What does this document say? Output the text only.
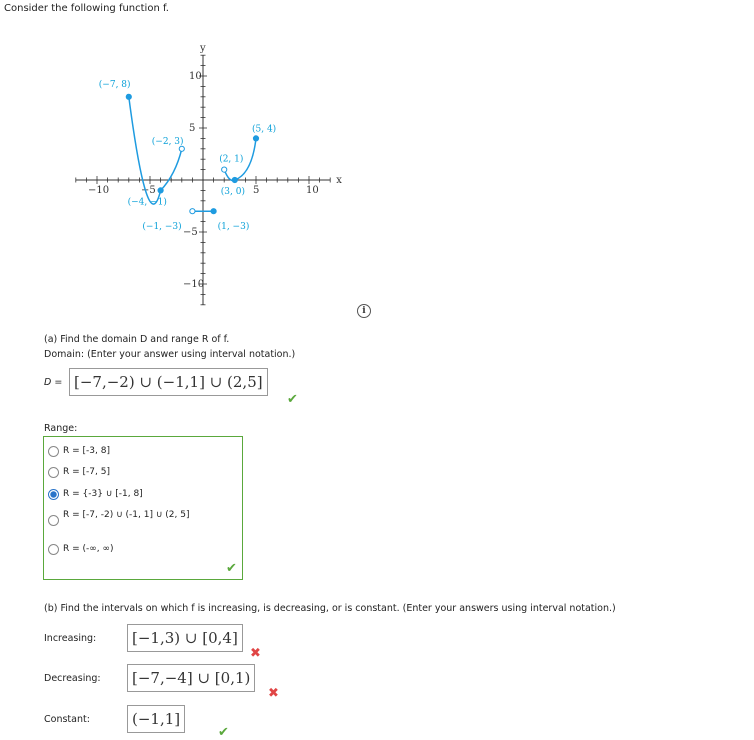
Consider the following function f.
−10	−5	5	10
10
5
−5
−10
x
y
(−7, 8)
(−2, 3)
(−4, −1)
(−1, −3)	(1, −3)
(2, 1)
(3, 0)
(5, 4)
i
(a) Find the domain D and range R of f.
Domain: (Enter your answer using interval notation.)
D = [−7,−2) ∪ (−1,1] ∪ (2,5]
✔
Range:
R = [-3, 8]
R = [-7, 5]
R = {-3} ∪ [-1, 8]
R = [-7, -2) ∪ (-1, 1] ∪ (2, 5]
R = (-∞, ∞)
✔
(b) Find the intervals on which f is increasing, is decreasing, or is constant. (Enter your answers using interval notation.)
Increasing:	[−1,3) ∪ [0,4]
✖
Decreasing:	[−7,−4] ∪ [0,1)
✖
Constant:	(−1,1]
✔
